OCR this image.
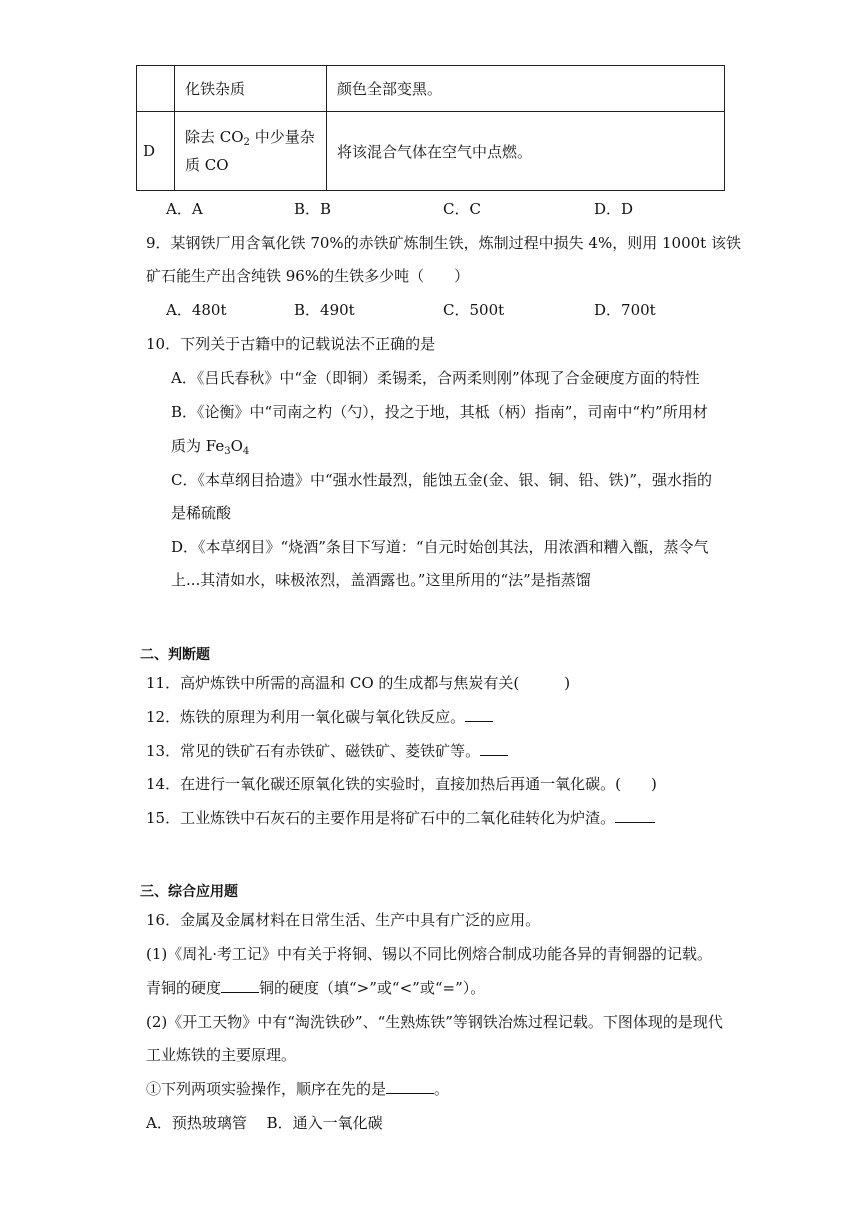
	化铁杂质	颜色全部变黑。
D	除去 $CO_2$ 中少量杂
质 CO	将该混合气体在空气中点燃。
A．A	B．B	C．C	D．D
9．某钢铁厂用含氧化铁 70%的赤铁矿炼制生铁，炼制过程中损失 4%，则用 1000t 该铁
矿石能生产出含纯铁 96%的生铁多少吨（　　）
A．480t	B．490t	C．500t	D．700t
10．下列关于古籍中的记载说法不正确的是
A．《吕氏春秋》中“金（即铜）柔锡柔，合两柔则刚”体现了合金硬度方面的特性
B．《论衡》中“司南之杓（勺），投之于地，其柢（柄）指南”，司南中“杓”所用材
质为 $Fe_3O_4$
C．《本草纲目拾遗》中“强水性最烈，能蚀五金(金、银、铜、铅、铁)”，强水指的
是稀硫酸
D．《本草纲目》“烧酒”条目下写道：“自元时始创其法，用浓酒和糟入甑，蒸令气
上...其清如水，味极浓烈，盖酒露也。”这里所用的“法”是指蒸馏
二、判断题
11．高炉炼铁中所需的高温和 CO 的生成都与焦炭有关(　　　)
12．炼铁的原理为利用一氧化碳与氧化铁反应。
13．常见的铁矿石有赤铁矿、磁铁矿、菱铁矿等。
14．在进行一氧化碳还原氧化铁的实验时，直接加热后再通一氧化碳。(　　)
15．工业炼铁中石灰石的主要作用是将矿石中的二氧化硅转化为炉渣。
三、综合应用题
16．金属及金属材料在日常生活、生产中具有广泛的应用。
(1)《周礼·考工记》中有关于将铜、锡以不同比例熔合制成功能各异的青铜器的记载。
青铜的硬度	铜的硬度（填“>”或“<”或“=”）。
(2)《开工天物》中有“淘洗铁砂”、“生熟炼铁”等钢铁冶炼过程记载。下图体现的是现代
工业炼铁的主要原理。
①下列两项实验操作，顺序在先的是	。
A．预热玻璃管　 B．通入一氧化碳
